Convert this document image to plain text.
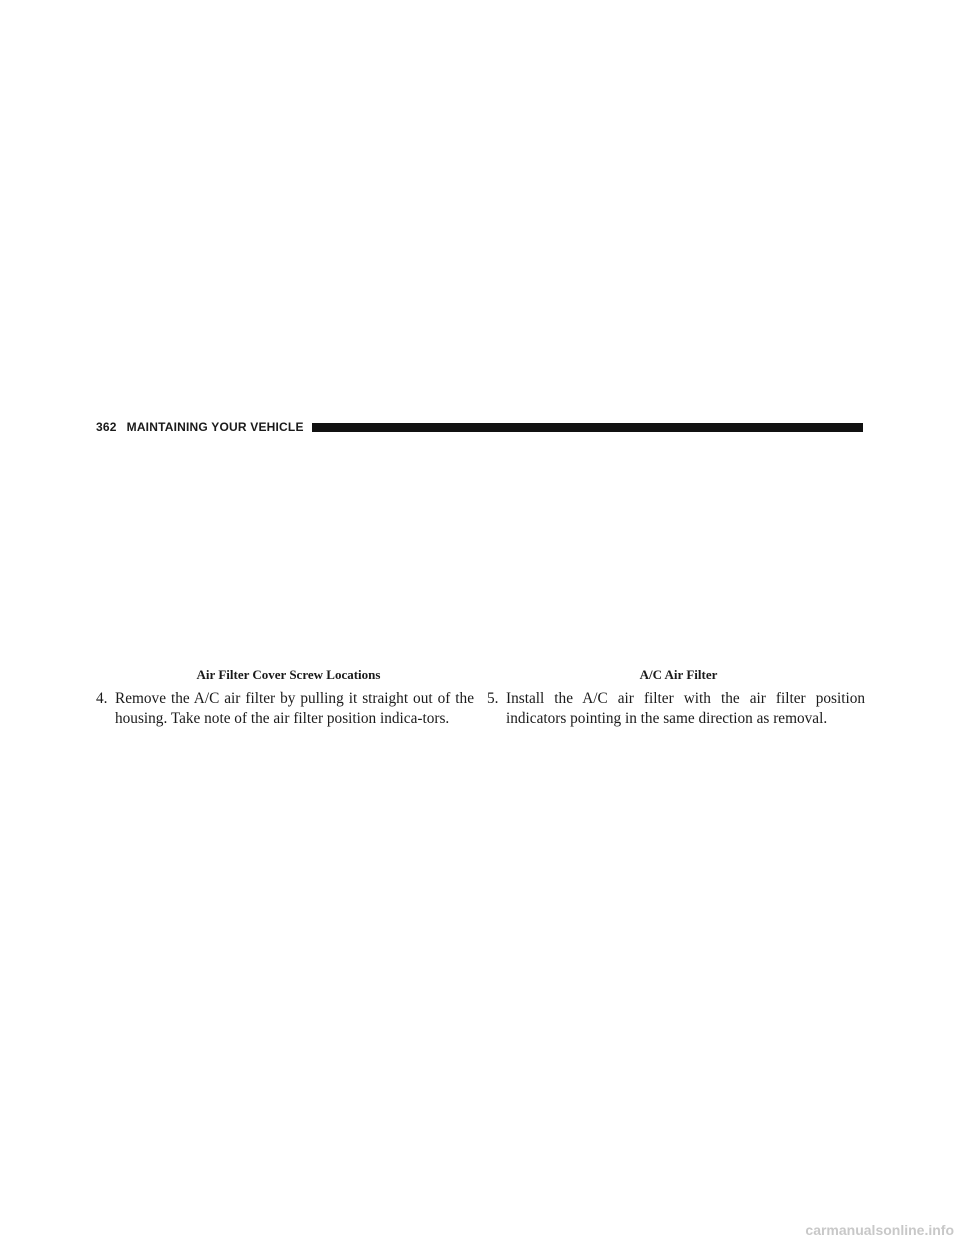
362 MAINTAINING YOUR VEHICLE
Air Filter Cover Screw Locations	A/C Air Filter
4. Remove the A/C air filter by pulling it straight out of the housing. Take note of the air filter position indica-tors.
5. Install the A/C air filter with the air filter position indicators pointing in the same direction as removal.
carmanualsonline.info
